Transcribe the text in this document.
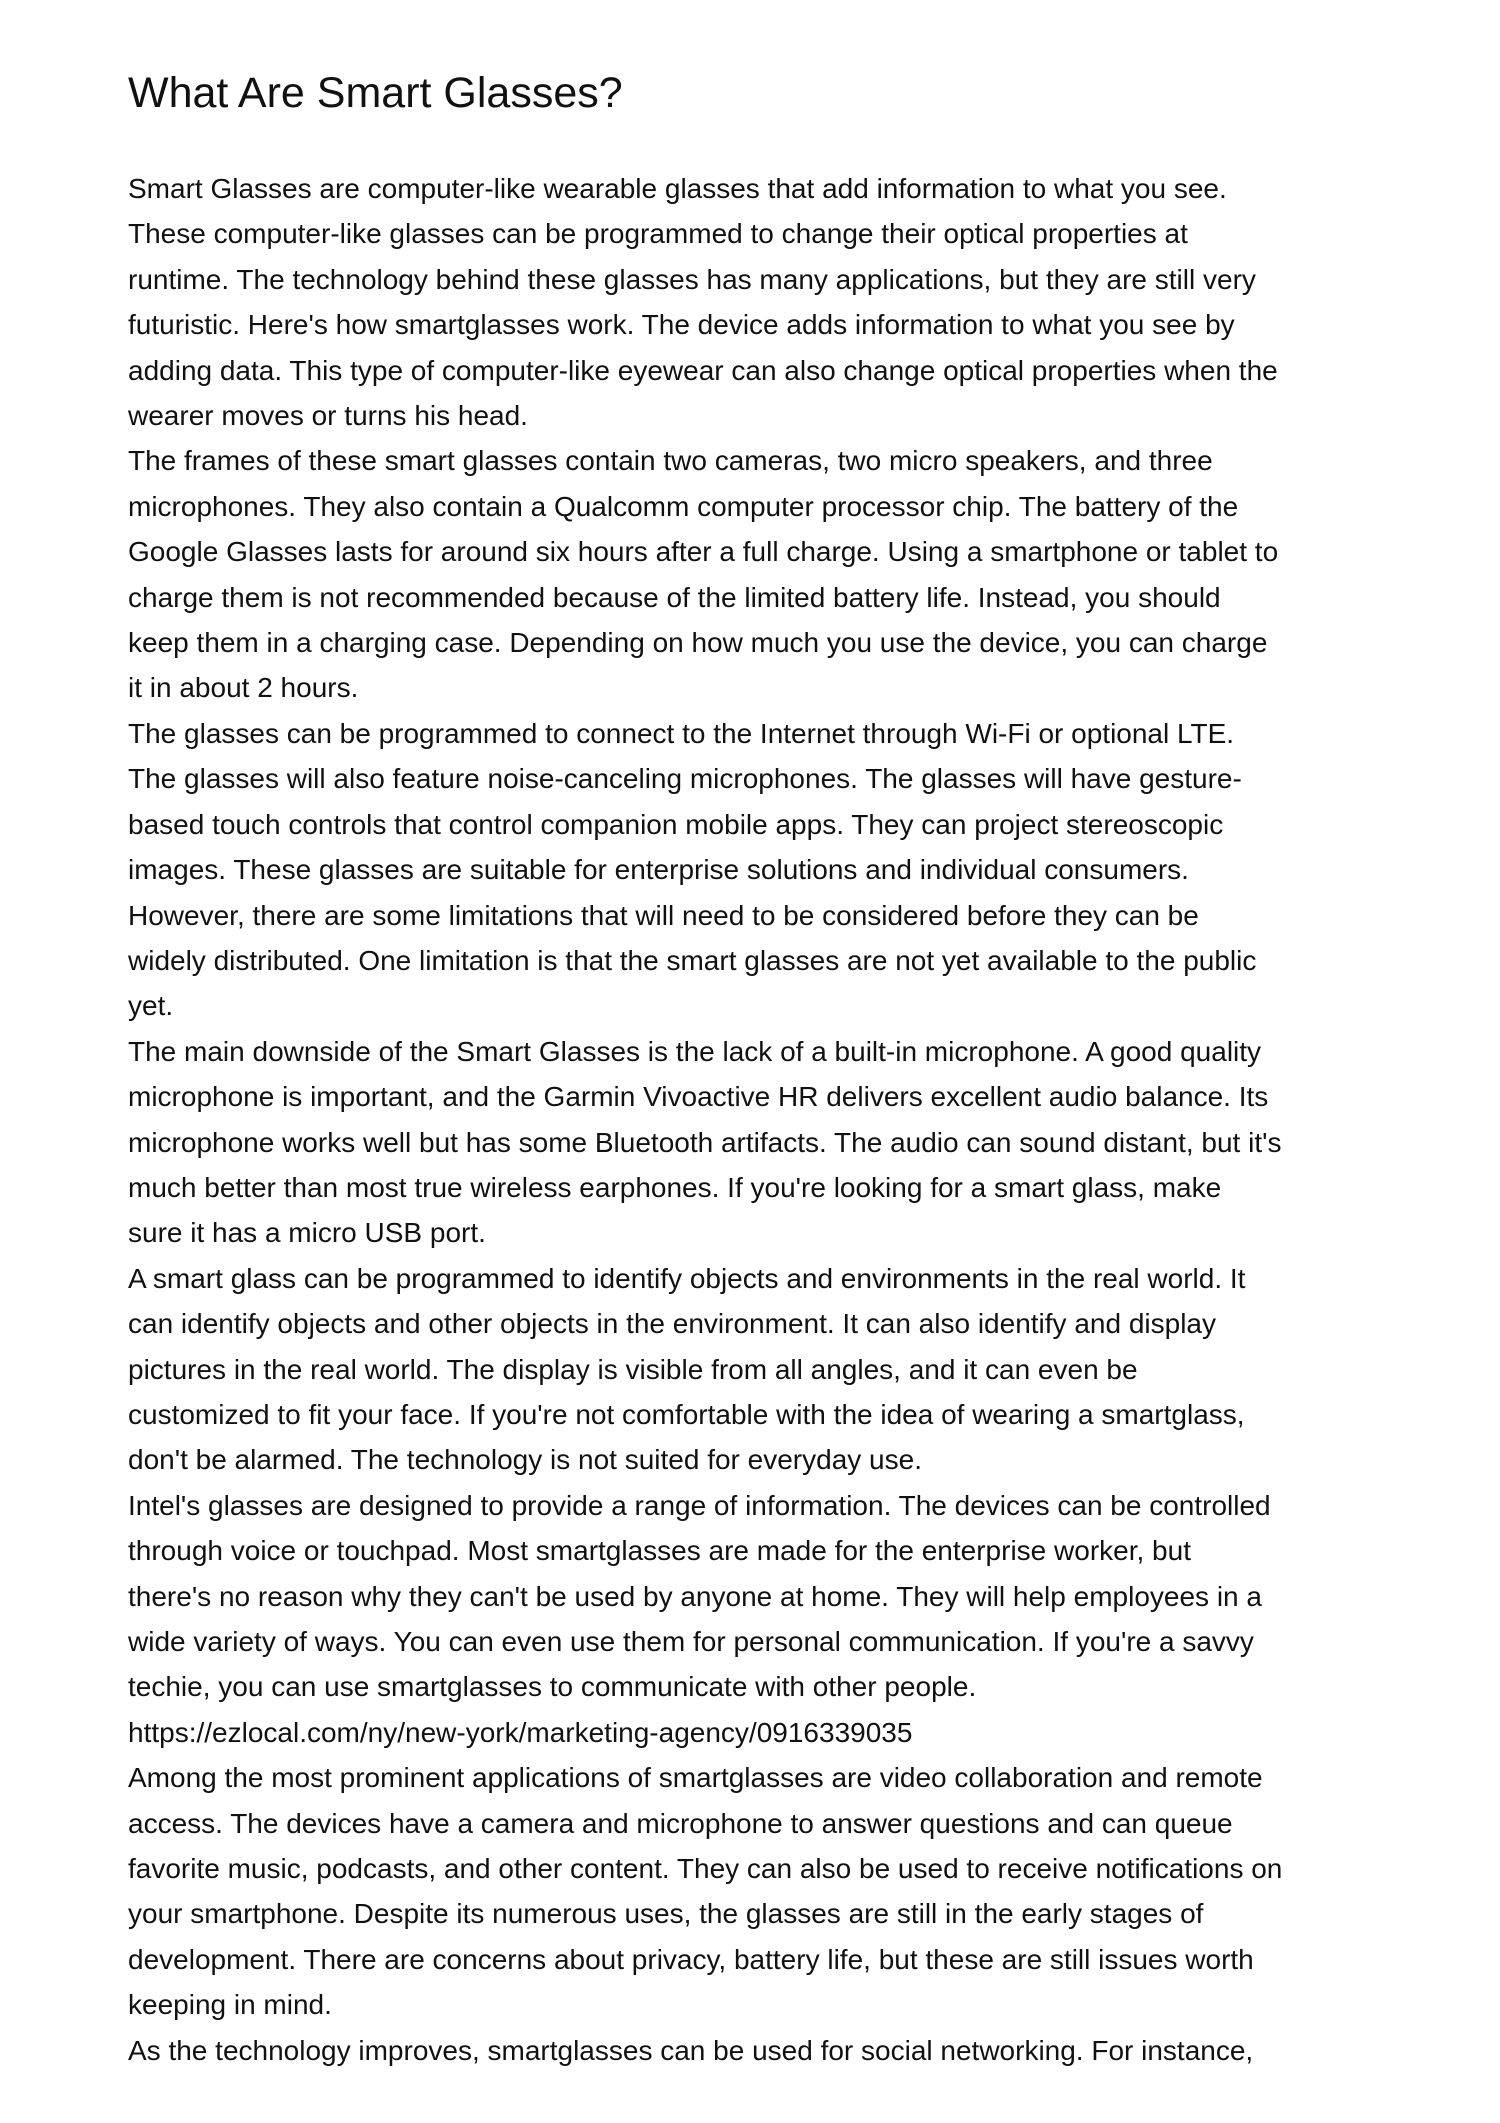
What Are Smart Glasses?
Smart Glasses are computer-like wearable glasses that add information to what you see.
These computer-like glasses can be programmed to change their optical properties at
runtime. The technology behind these glasses has many applications, but they are still very
futuristic. Here's how smartglasses work. The device adds information to what you see by
adding data. This type of computer-like eyewear can also change optical properties when the
wearer moves or turns his head.
The frames of these smart glasses contain two cameras, two micro speakers, and three
microphones. They also contain a Qualcomm computer processor chip. The battery of the
Google Glasses lasts for around six hours after a full charge. Using a smartphone or tablet to
charge them is not recommended because of the limited battery life. Instead, you should
keep them in a charging case. Depending on how much you use the device, you can charge
it in about 2 hours.
The glasses can be programmed to connect to the Internet through Wi-Fi or optional LTE.
The glasses will also feature noise-canceling microphones. The glasses will have gesture-
based touch controls that control companion mobile apps. They can project stereoscopic
images. These glasses are suitable for enterprise solutions and individual consumers.
However, there are some limitations that will need to be considered before they can be
widely distributed. One limitation is that the smart glasses are not yet available to the public
yet.
The main downside of the Smart Glasses is the lack of a built-in microphone. A good quality
microphone is important, and the Garmin Vivoactive HR delivers excellent audio balance. Its
microphone works well but has some Bluetooth artifacts. The audio can sound distant, but it's
much better than most true wireless earphones. If you're looking for a smart glass, make
sure it has a micro USB port.
A smart glass can be programmed to identify objects and environments in the real world. It
can identify objects and other objects in the environment. It can also identify and display
pictures in the real world. The display is visible from all angles, and it can even be
customized to fit your face. If you're not comfortable with the idea of wearing a smartglass,
don't be alarmed. The technology is not suited for everyday use.
Intel's glasses are designed to provide a range of information. The devices can be controlled
through voice or touchpad. Most smartglasses are made for the enterprise worker, but
there's no reason why they can't be used by anyone at home. They will help employees in a
wide variety of ways. You can even use them for personal communication. If you're a savvy
techie, you can use smartglasses to communicate with other people.
https://ezlocal.com/ny/new-york/marketing-agency/0916339035
Among the most prominent applications of smartglasses are video collaboration and remote
access. The devices have a camera and microphone to answer questions and can queue
favorite music, podcasts, and other content. They can also be used to receive notifications on
your smartphone. Despite its numerous uses, the glasses are still in the early stages of
development. There are concerns about privacy, battery life, but these are still issues worth
keeping in mind.
As the technology improves, smartglasses can be used for social networking. For instance,
